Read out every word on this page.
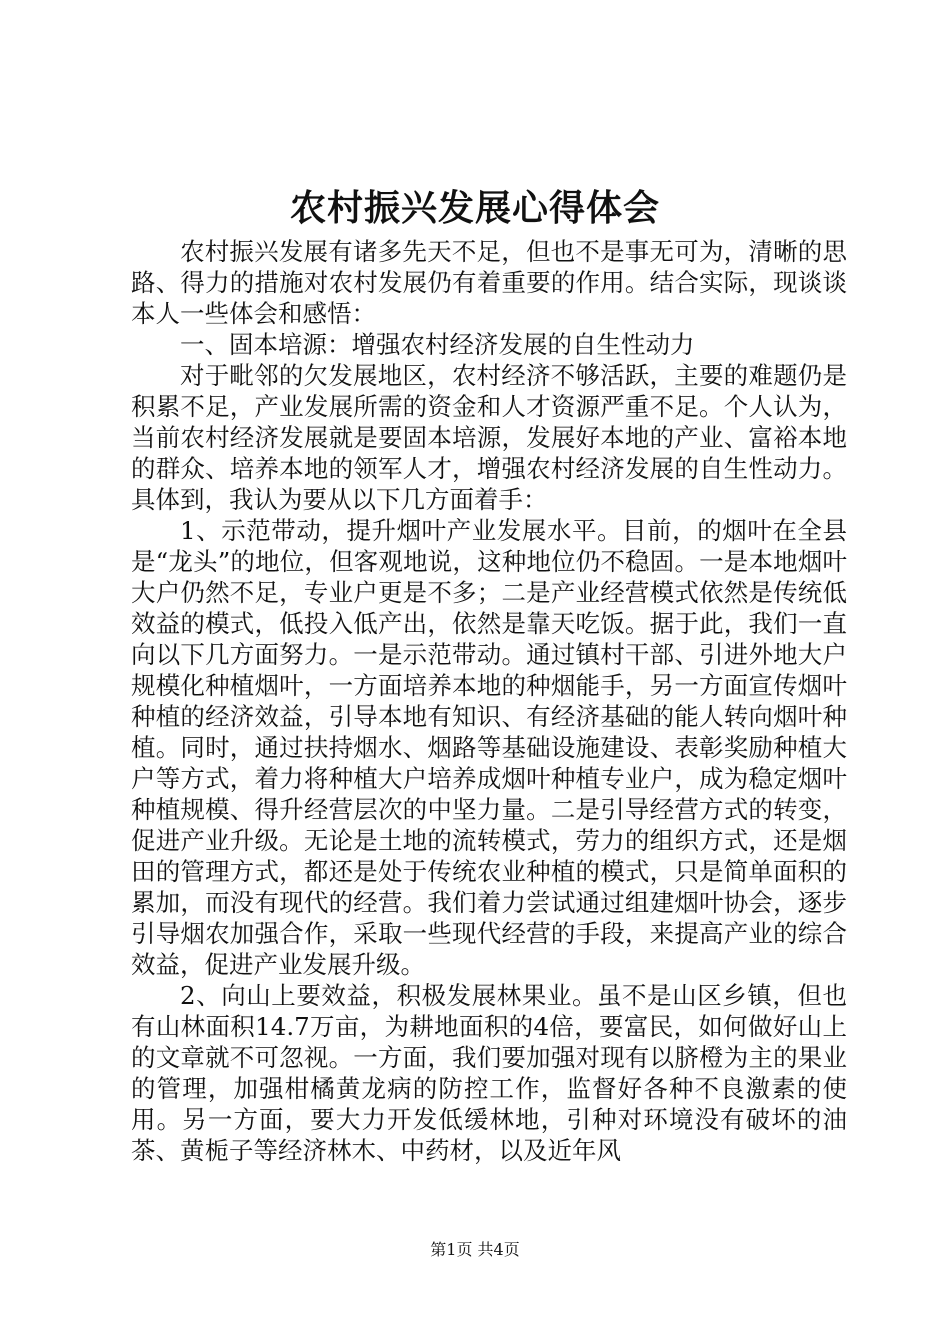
农村振兴发展心得体会

农村振兴发展有诸多先天不足，但也不是事无可为，清晰的思路、得力的措施对农村发展仍有着重要的作用。结合实际，现谈谈本人一些体会和感悟：

一、固本培源：增强农村经济发展的自生性动力

对于毗邻的欠发展地区，农村经济不够活跃，主要的难题仍是积累不足，产业发展所需的资金和人才资源严重不足。个人认为，当前农村经济发展就是要固本培源，发展好本地的产业、富裕本地的群众、培养本地的领军人才，增强农村经济发展的自生性动力。具体到，我认为要从以下几方面着手：

1、示范带动，提升烟叶产业发展水平。目前，的烟叶在全县是“龙头”的地位，但客观地说，这种地位仍不稳固。一是本地烟叶大户仍然不足，专业户更是不多；二是产业经营模式依然是传统低效益的模式，低投入低产出，依然是靠天吃饭。据于此，我们一直向以下几方面努力。一是示范带动。通过镇村干部、引进外地大户规模化种植烟叶，一方面培养本地的种烟能手，另一方面宣传烟叶种植的经济效益，引导本地有知识、有经济基础的能人转向烟叶种植。同时，通过扶持烟水、烟路等基础设施建设、表彰奖励种植大户等方式，着力将种植大户培养成烟叶种植专业户，成为稳定烟叶种植规模、得升经营层次的中坚力量。二是引导经营方式的转变，促进产业升级。无论是土地的流转模式，劳力的组织方式，还是烟田的管理方式，都还是处于传统农业种植的模式，只是简单面积的累加，而没有现代的经营。我们着力尝试通过组建烟叶协会，逐步引导烟农加强合作，采取一些现代经营的手段，来提高产业的综合效益，促进产业发展升级。

2、向山上要效益，积极发展林果业。虽不是山区乡镇，但也有山林面积14.7万亩，为耕地面积的4倍，要富民，如何做好山上的文章就不可忽视。一方面，我们要加强对现有以脐橙为主的果业的管理，加强柑橘黄龙病的防控工作，监督好各种不良激素的使用。另一方面，要大力开发低缓林地，引种对环境没有破坏的油茶、黄栀子等经济林木、中药材，以及近年风

第1页 共4页
